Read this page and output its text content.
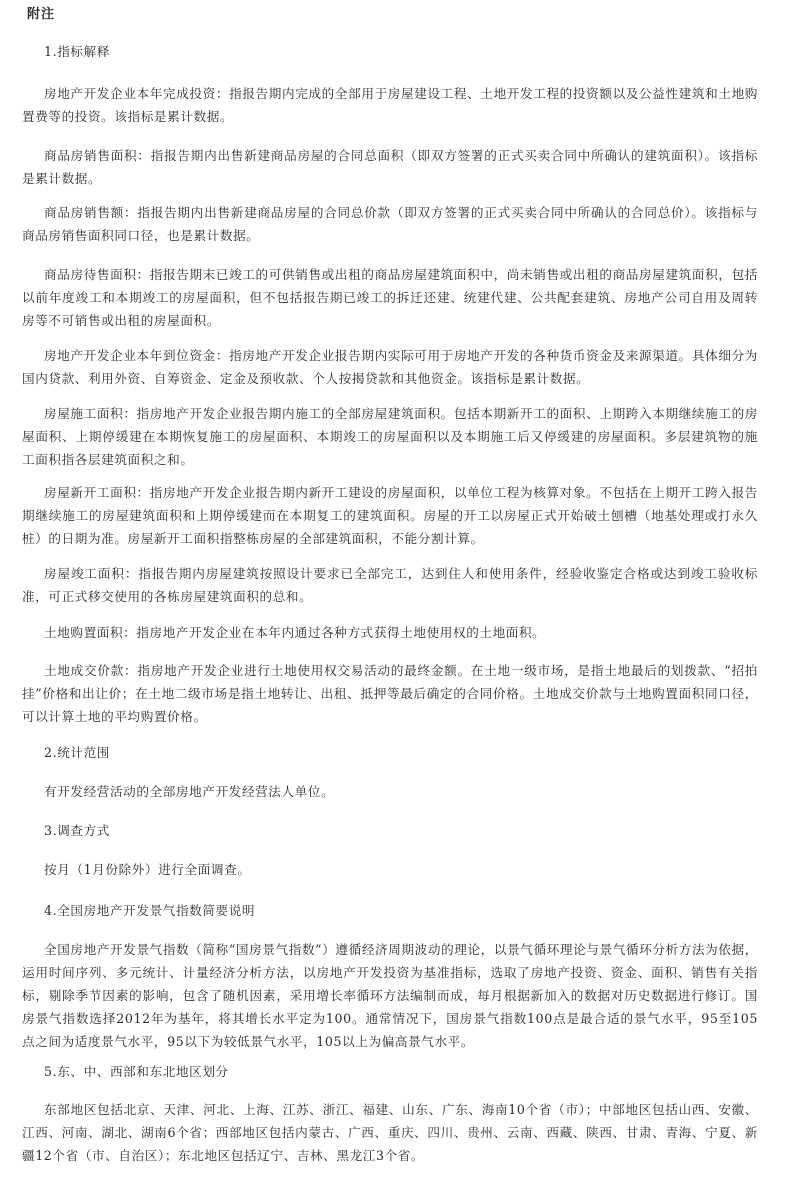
附注
1.指标解释
房地产开发企业本年完成投资：指报告期内完成的全部用于房屋建设工程、土地开发工程的投资额以及公益性建筑和土地购置费等的投资。该指标是累计数据。
商品房销售面积：指报告期内出售新建商品房屋的合同总面积（即双方签署的正式买卖合同中所确认的建筑面积）。该指标是累计数据。
商品房销售额：指报告期内出售新建商品房屋的合同总价款（即双方签署的正式买卖合同中所确认的合同总价）。该指标与商品房销售面积同口径，也是累计数据。
商品房待售面积：指报告期末已竣工的可供销售或出租的商品房屋建筑面积中，尚未销售或出租的商品房屋建筑面积，包括以前年度竣工和本期竣工的房屋面积，但不包括报告期已竣工的拆迁还建、统建代建、公共配套建筑、房地产公司自用及周转房等不可销售或出租的房屋面积。
房地产开发企业本年到位资金：指房地产开发企业报告期内实际可用于房地产开发的各种货币资金及来源渠道。具体细分为国内贷款、利用外资、自筹资金、定金及预收款、个人按揭贷款和其他资金。该指标是累计数据。
房屋施工面积：指房地产开发企业报告期内施工的全部房屋建筑面积。包括本期新开工的面积、上期跨入本期继续施工的房屋面积、上期停缓建在本期恢复施工的房屋面积、本期竣工的房屋面积以及本期施工后又停缓建的房屋面积。多层建筑物的施工面积指各层建筑面积之和。
房屋新开工面积：指房地产开发企业报告期内新开工建设的房屋面积，以单位工程为核算对象。不包括在上期开工跨入报告期继续施工的房屋建筑面积和上期停缓建而在本期复工的建筑面积。房屋的开工以房屋正式开始破土刨槽（地基处理或打永久桩）的日期为准。房屋新开工面积指整栋房屋的全部建筑面积，不能分割计算。
房屋竣工面积：指报告期内房屋建筑按照设计要求已全部完工，达到住人和使用条件，经验收鉴定合格或达到竣工验收标准，可正式移交使用的各栋房屋建筑面积的总和。
土地购置面积：指房地产开发企业在本年内通过各种方式获得土地使用权的土地面积。
土地成交价款：指房地产开发企业进行土地使用权交易活动的最终金额。在土地一级市场，是指土地最后的划拨款、“招拍挂”价格和出让价；在土地二级市场是指土地转让、出租、抵押等最后确定的合同价格。土地成交价款与土地购置面积同口径，可以计算土地的平均购置价格。
2.统计范围
有开发经营活动的全部房地产开发经营法人单位。
3.调查方式
按月（1月份除外）进行全面调查。
4.全国房地产开发景气指数简要说明
全国房地产开发景气指数（简称“国房景气指数”）遵循经济周期波动的理论，以景气循环理论与景气循环分析方法为依据，运用时间序列、多元统计、计量经济分析方法，以房地产开发投资为基准指标，选取了房地产投资、资金、面积、销售有关指标，剔除季节因素的影响，包含了随机因素，采用增长率循环方法编制而成，每月根据新加入的数据对历史数据进行修订。国房景气指数选择2012年为基年，将其增长水平定为100。通常情况下，国房景气指数100点是最合适的景气水平，95至105点之间为适度景气水平，95以下为较低景气水平，105以上为偏高景气水平。
5.东、中、西部和东北地区划分
东部地区包括北京、天津、河北、上海、江苏、浙江、福建、山东、广东、海南10个省（市）；中部地区包括山西、安徽、江西、河南、湖北、湖南6个省；西部地区包括内蒙古、广西、重庆、四川、贵州、云南、西藏、陕西、甘肃、青海、宁夏、新疆12个省（市、自治区）；东北地区包括辽宁、吉林、黑龙江3个省。
